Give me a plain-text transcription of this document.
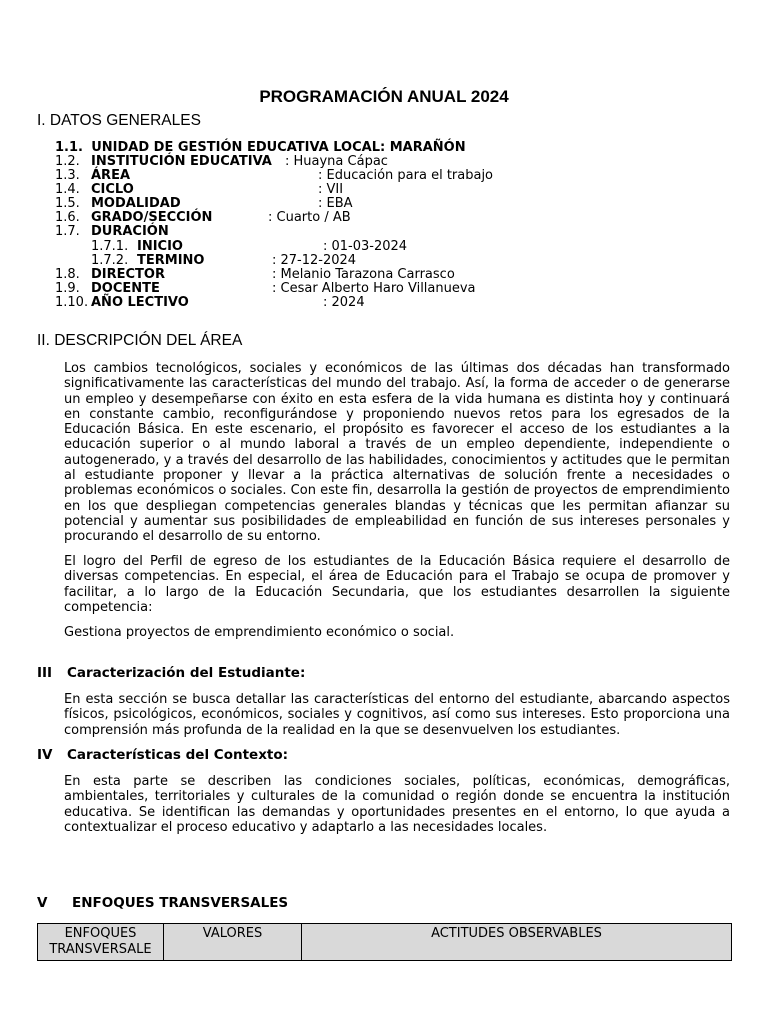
PROGRAMACIÓN ANUAL 2024
I. DATOS GENERALES
1.1. UNIDAD DE GESTIÓN EDUCATIVA LOCAL: MARAÑÓN
1.2. INSTITUCIÓN EDUCATIVA : Huayna Cápac
1.3. ÁREA	: Educación para el trabajo
1.4. CICLO	: VII
1.5. MODALIDAD	: EBA
1.6. GRADO/SECCIÓN	: Cuarto / AB
1.7. DURACIÓN
1.7.1. INICIO	: 01-03-2024
1.7.2. TERMINO	: 27-12-2024
1.8. DIRECTOR	: Melanio Tarazona Carrasco
1.9. DOCENTE	: Cesar Alberto Haro Villanueva
1.10. AÑO LECTIVO	: 2024
II. DESCRIPCIÓN DEL ÁREA

Los cambios tecnológicos, sociales y económicos de las últimas dos décadas han transformado significativamente las características del mundo del trabajo. Así, la forma de acceder o de generarse un empleo y desempeñarse con éxito en esta esfera de la vida humana es distinta hoy y continuará en constante cambio, reconfigurándose y proponiendo nuevos retos para los egresados de la Educación Básica. En este escenario, el propósito es favorecer el acceso de los estudiantes a la educación superior o al mundo laboral a través de un empleo dependiente, independiente o autogenerado, y a través del desarrollo de las habilidades, conocimientos y actitudes que le permitan al estudiante proponer y llevar a la práctica alternativas de solución frente a necesidades o problemas económicos o sociales. Con este fin, desarrolla la gestión de proyectos de emprendimiento en los que despliegan competencias generales blandas y técnicas que les permitan afianzar su potencial y aumentar sus posibilidades de empleabilidad en función de sus intereses personales y procurando el desarrollo de su entorno.

El logro del Perfil de egreso de los estudiantes de la Educación Básica requiere el desarrollo de diversas competencias. En especial, el área de Educación para el Trabajo se ocupa de promover y facilitar, a lo largo de la Educación Secundaria, que los estudiantes desarrollen la siguiente competencia:

Gestiona proyectos de emprendimiento económico o social.

III Caracterización del Estudiante:

En esta sección se busca detallar las características del entorno del estudiante, abarcando aspectos físicos, psicológicos, económicos, sociales y cognitivos, así como sus intereses. Esto proporciona una comprensión más profunda de la realidad en la que se desenvuelven los estudiantes.

IV Características del Contexto:

En esta parte se describen las condiciones sociales, políticas, económicas, demográficas, ambientales, territoriales y culturales de la comunidad o región donde se encuentra la institución educativa. Se identifican las demandas y oportunidades presentes en el entorno, lo que ayuda a contextualizar el proceso educativo y adaptarlo a las necesidades locales.

V ENFOQUES TRANSVERSALES
ENFOQUES TRANSVERSALE	VALORES	ACTITUDES OBSERVABLES
